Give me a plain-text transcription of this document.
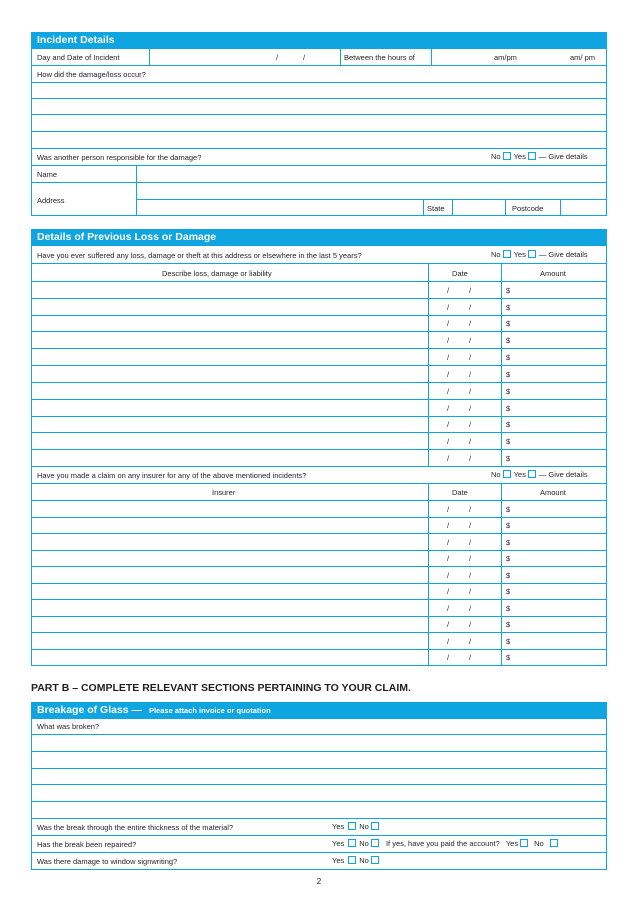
Incident Details
Day and Date of Incident	/	/	Between the hours of	am/pm	am/ pm
How did the damage/loss occur?
Was another person responsible for the damage?	No Yes — Give details
Name
Address
State	Postcode
Details of Previous Loss or Damage
Have you ever suffered any loss, damage or theft at this address or elsewhere in the last 5 years?	No Yes — Give details
Describe loss, damage or liability	Date	Amount
/	/	$
/	/	$
/	/	$
/	/	$
/	/	$
/	/	$
/	/	$
/	/	$
/	/	$
/	/	$
/	/	$
Have you made a claim on any insurer for any of the above mentioned incidents?	No Yes — Give details
Insurer	Date	Amount
/	/	$
/	/	$
/	/	$
/	/	$
/	/	$
/	/	$
/	/	$
/	/	$
/	/	$
/	/	$
PART B – COMPLETE RELEVANT SECTIONS PERTAINING TO YOUR CLAIM.
Breakage of Glass — Please attach invoice or quotation
What was broken?
Was the break through the entire thickness of the material?	Yes No
Has the break been repaired?	Yes No If yes, have you paid the account? Yes No
Was there damage to window signwriting?	Yes No
2
